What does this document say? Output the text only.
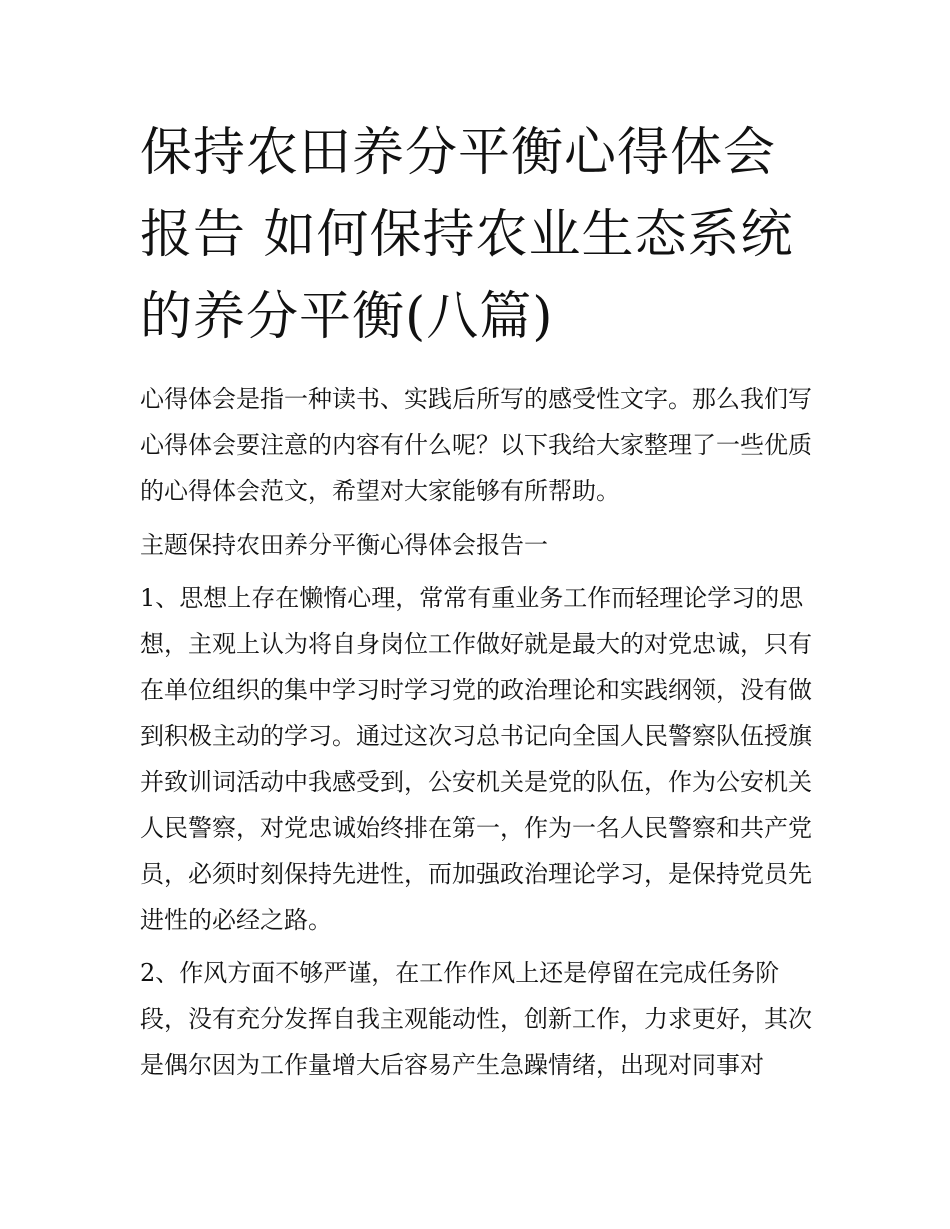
保持农田养分平衡心得体会报告 如何保持农业生态系统的养分平衡(八篇)

心得体会是指一种读书、实践后所写的感受性文字。那么我们写心得体会要注意的内容有什么呢？以下我给大家整理了一些优质的心得体会范文，希望对大家能够有所帮助。

主题保持农田养分平衡心得体会报告一

1、思想上存在懒惰心理，常常有重业务工作而轻理论学习的思想，主观上认为将自身岗位工作做好就是最大的对党忠诚，只有在单位组织的集中学习时学习党的政治理论和实践纲领，没有做到积极主动的学习。通过这次习总书记向全国人民警察队伍授旗并致训词活动中我感受到，公安机关是党的队伍，作为公安机关人民警察，对党忠诚始终排在第一，作为一名人民警察和共产党员，必须时刻保持先进性，而加强政治理论学习，是保持党员先进性的必经之路。

2、作风方面不够严谨，在工作作风上还是停留在完成任务阶段，没有充分发挥自我主观能动性，创新工作，力求更好，其次是偶尔因为工作量增大后容易产生急躁情绪，出现对同事对
